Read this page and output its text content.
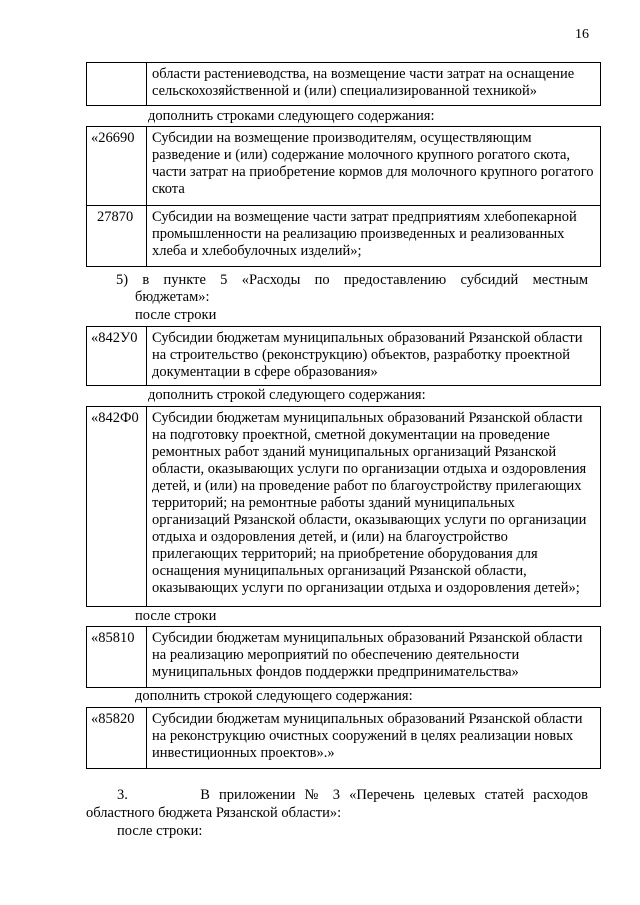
16
области растениеводства, на возмещение части затрат на оснащение сельскохозяйственной и (или) специализированной техникой»
дополнить строками следующего содержания:
«26690	Субсидии на возмещение производителям, осуществляющим разведение и (или) содержание молочного крупного рогатого скота, части затрат на приобретение кормов для молочного крупного рогатого скота
27870	Субсидии на возмещение части затрат предприятиям хлебопекарной промышленности на реализацию произведенных и реализованных хлеба и хлебобулочных изделий»;
5) в пункте 5 «Расходы по предоставлению субсидий местным
бюджетам»:
после строки
«842У0 Субсидии бюджетам муниципальных образований Рязанской области на строительство (реконструкцию) объектов, разработку проектной документации в сфере образования»
дополнить строкой следующего содержания:
«842Ф0 Субсидии бюджетам муниципальных образований Рязанской области на подготовку проектной, сметной документации на проведение ремонтных работ зданий муниципальных организаций Рязанской области, оказывающих услуги по организации отдыха и оздоровления детей, и (или) на проведение работ по благоустройству прилегающих территорий; на ремонтные работы зданий муниципальных организаций Рязанской области, оказывающих услуги по организации отдыха и оздоровления детей, и (или) на благоустройство прилегающих территорий; на приобретение оборудования для оснащения муниципальных организаций Рязанской области, оказывающих услуги по организации отдыха и оздоровления детей»;
после строки
«85810	Субсидии бюджетам муниципальных образований Рязанской области на реализацию мероприятий по обеспечению деятельности муниципальных фондов поддержки предпринимательства»
дополнить строкой следующего содержания:
«85820	Субсидии бюджетам муниципальных образований Рязанской области на реконструкцию очистных сооружений в целях реализации новых инвестиционных проектов».»
3.        В приложении № 3 «Перечень целевых статей расходов
областного бюджета Рязанской области»:
после строки:
